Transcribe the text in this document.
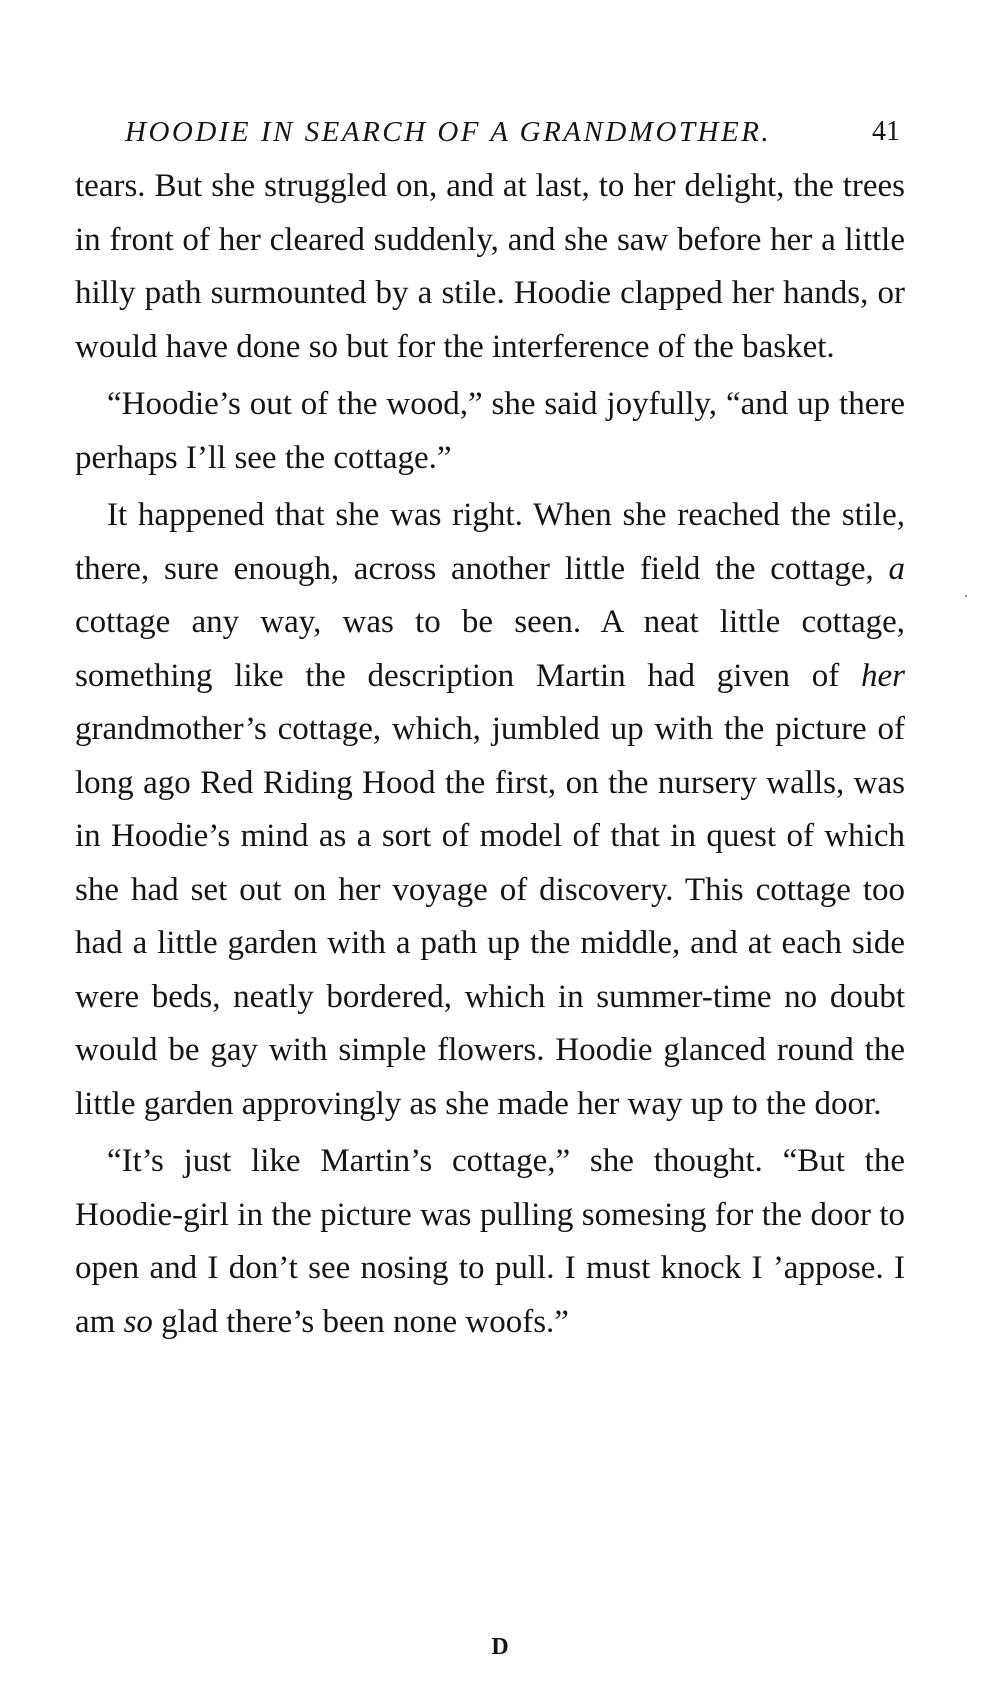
HOODIE IN SEARCH OF A GRANDMOTHER.	41

tears. But she struggled on, and at last, to her delight, the trees in front of her cleared suddenly, and she saw before her a little hilly path surmounted by a stile. Hoodie clapped her hands, or would have done so but for the interference of the basket.

“Hoodie’s out of the wood,” she said joyfully, “and up there perhaps I’ll see the cottage.”

It happened that she was right. When she reached the stile, there, sure enough, across another little field the cottage, a cottage any way, was to be seen. A neat little cottage, something like the description Martin had given of her grandmother’s cottage, which, jumbled up with the picture of long ago Red Riding Hood the first, on the nursery walls, was in Hoodie’s mind as a sort of model of that in quest of which she had set out on her voyage of discovery. This cottage too had a little garden with a path up the middle, and at each side were beds, neatly bordered, which in summer-time no doubt would be gay with simple flowers. Hoodie glanced round the little garden approvingly as she made her way up to the door.

“It’s just like Martin’s cottage,” she thought. “But the Hoodie-girl in the picture was pulling somesing for the door to open and I don’t see nosing to pull. I must knock I ’appose. I am so glad there’s been none woofs.”

D
